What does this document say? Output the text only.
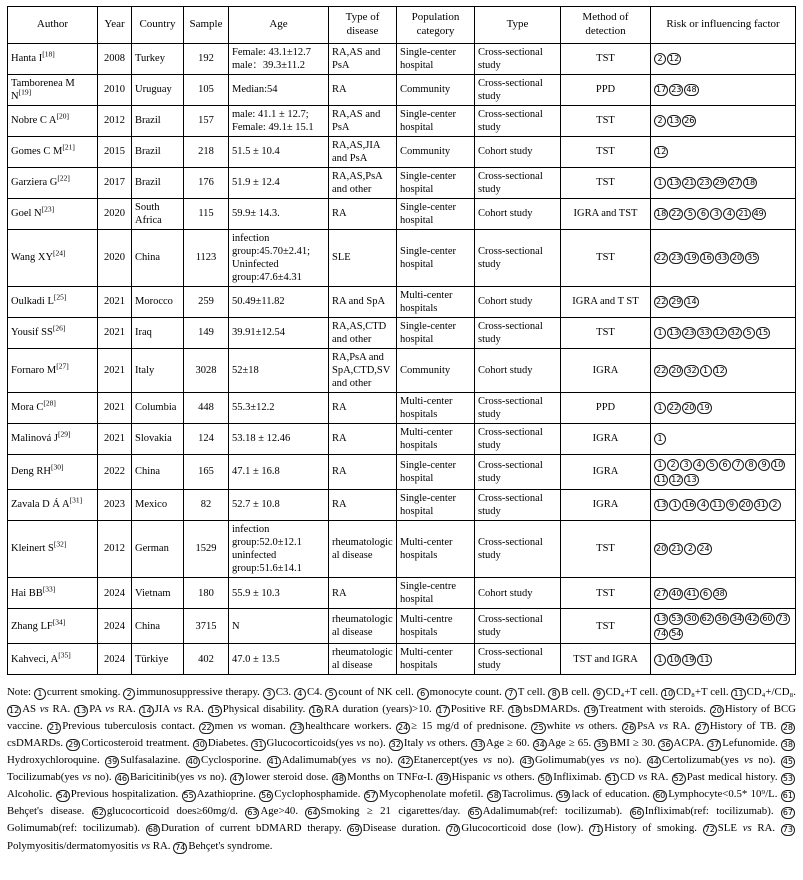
Author	Year	Country	Sample	Age	Type of disease	Population category	Type	Method of detection	Risk or influencing factor
Hanta I[18]	2008	Turkey	192	Female: 43.1±12.7 male：39.3±11.2	RA,AS and PsA	Single-center hospital	Cross-sectional study	TST	2 12
Tamborenea M N[19]	2010	Uruguay	105	Median:54	RA	Community	Cross-sectional study	PPD	17 23 48
Nobre C A[20]	2012	Brazil	157	male: 41.1 ± 12.7; Female: 49.1± 15.1	RA,AS and PsA	Single-center hospital	Cross-sectional study	TST	2 13 26
Gomes C M[21]	2015	Brazil	218	51.5 ± 10.4	RA,AS,JIA and PsA	Community	Cohort study	TST	12
Garziera G[22]	2017	Brazil	176	51.9 ± 12.4	RA,AS,PsA and other	Single-center hospital	Cross-sectional study	TST	1 13 21 23 29 27 18
Goel N[23]	2020	South Africa	115	59.9± 14.3.	RA	Single-center hospital	Cohort study	IGRA and TST	18 22 5 6 3 4 21 49
Wang XY[24]	2020	China	1123	infection group:45.70±2.41; Uninfected group:47.6±4.31	SLE	Single-center hospital	Cross-sectional study	TST	22 23 19 16 33 20 35
Oulkadi L[25]	2021	Morocco	259	50.49±11.82	RA and SpA	Multi-center hospitals	Cohort study	IGRA and T ST	22 29 14
Yousif SS[26]	2021	Iraq	149	39.91±12.54	RA,AS,CTD and other	Single-center hospital	Cross-sectional study	TST	1 13 23 33 12 32 5 15
Fornaro M[27]	2021	Italy	3028	52±18	RA,PsA and SpA,CTD,SV and other	Community	Cohort study	IGRA	22 20 32 1 12
Mora C[28]	2021	Columbia	448	55.3±12.2	RA	Multi-center hospitals	Cross-sectional study	PPD	1 22 20 19
Malinová J[29]	2021	Slovakia	124	53.18 ± 12.46	RA	Multi-center hospitals	Cross-sectional study	IGRA	1
Deng RH[30]	2022	China	165	47.1 ± 16.8	RA	Single-center hospital	Cross-sectional study	IGRA	1 2 3 4 5 6 7 8 9 1011 12 13
Zavala D Á A[31]	2023	Mexico	82	52.7 ± 10.8	RA	Single-center hospital	Cross-sectional study	IGRA	13 1 16 4 11 9 20 31 2
Kleinert S[32]	2012	German	1529	infection group:52.0±12.1 uninfected group:51.6±14.1	rheumatological disease	Multi-center hospitals	Cross-sectional study	TST	20 21 2 24
Hai BB[33]	2024	Vietnam	180	55.9 ± 10.3	RA	Single-centre hospital	Cohort study	TST	27 40 41 6 38
Zhang LF[34]	2024	China	3715	N	rheumatological disease	Multi-centre hospitals	Cross-sectional study	TST	13 53 30 62 36 34 42 60 7374 54
Kahveci, A[35]	2024	Türkiye	402	47.0 ± 13.5	rheumatological disease	Multi-center hospitals	Cross-sectional study	TST and IGRA	1 10 19 11

Note: 1 current smoking. 2 immunosuppressive therapy. 3 C3. 4 C4. 5 count of NK cell. 6 monocyte count. 7 T cell. 8 B cell. 9 CD₄+T cell. 10 CD₈+T cell. 11 CD₄+/CD₈. 12 AS vs RA. 13 PA vs RA. 14 JIA vs RA. 15 Physical disability. 16 RA duration (years)>10. 17 Positive RF. 18 bsDMARDs. 19 Treatment with steroids. 20 History of BCG vaccine. 21 Previous tuberculosis contact. 22 men vs woman. 23 healthcare workers. 24 ≥ 15 mg/d of prednisone. 25 white vs others. 26 PsA vs RA. 27 History of TB. 28csDMARDs. 29 Corticosteroid treatment. 30 Diabetes. 31 Glucocorticoids(yes vs no). 32 Italy vs others. 33 Age ≥ 60. 34 Age ≥ 65. 35 BMI ≥ 30. 36 ACPA. 37 Lefunomide. 38Hydroxychloroquine. 39 Sulfasalazine. 40 Cyclosporine. 41 Adalimumab(yes vs no). 42 Etanercept(yes vs no). 43 Golimumab(yes vs no). 44 Certolizumab(yes vs no). 45Tocilizumab(yes vs no). 46 Baricitinib(yes vs no). 47 lower steroid dose. 48 Months on TNFα-I. 49 Hispanic vs others. 50 Infliximab. 51 CD vs RA. 52 Past medical history. 53Alcoholic. 54 Previous hospitalization. 55 Azathioprine. 56 Cyclophosphamide. 57 Mycophenolate mofetil. 58 Tacrolimus. 59 lack of education. 60 Lymphocyte<0.5* 10⁹/L. 61Behçet's disease. 62 glucocorticoid does≥60mg/d. 63 Age>40. 64 Smoking ≥ 21 cigarettes/day. 65 Adalimumab(ref: tocilizumab). 66 Infliximab(ref: tocilizumab). 67Golimumab(ref: tocilizumab). 68 Duration of current bDMARD therapy. 69 Disease duration. 70 Glucocorticoid dose (low). 71 History of smoking. 72 SLE vs RA. 73Polymyositis/dermatomyositis vs RA. 74 Behçet's syndrome.
